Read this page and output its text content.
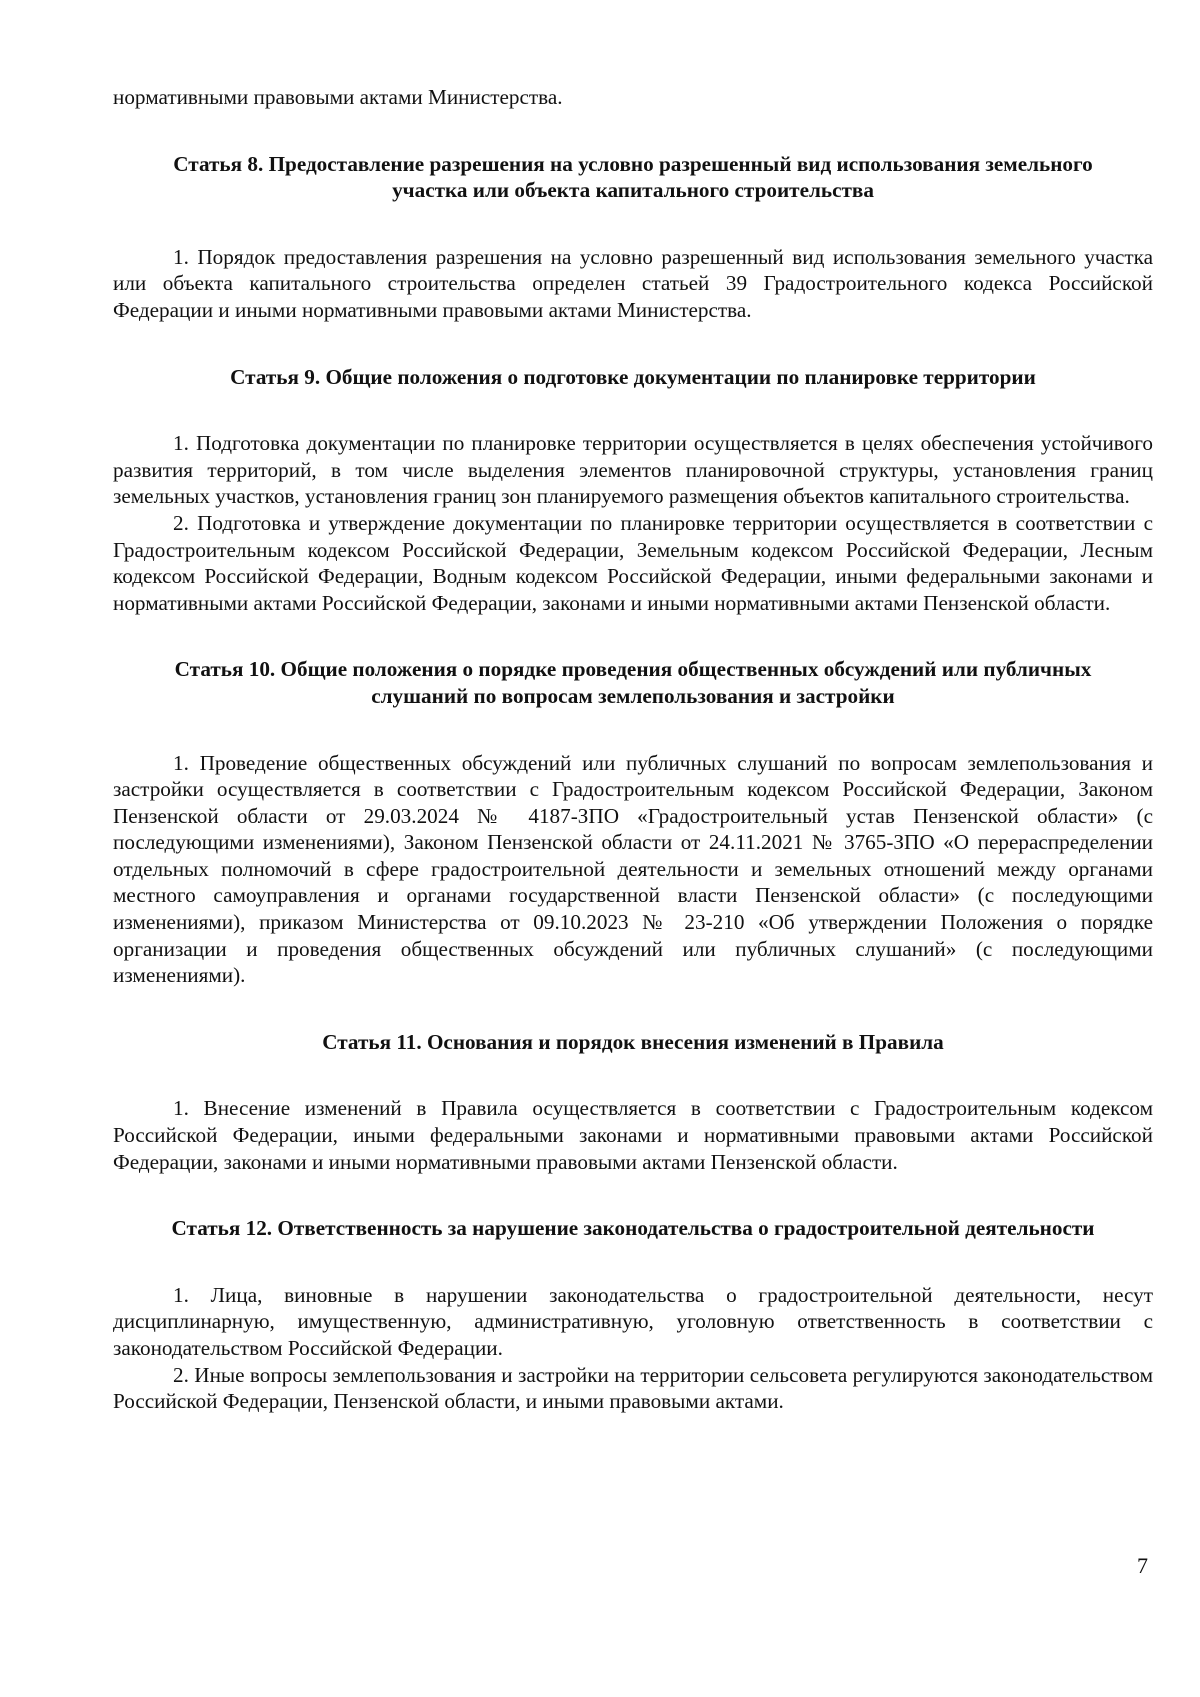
нормативными правовыми актами Министерства.

Статья 8. Предоставление разрешения на условно разрешенный вид использования земельного участка или объекта капитального строительства

1. Порядок предоставления разрешения на условно разрешенный вид использования земельного участка или объекта капитального строительства определен статьей 39 Градостроительного кодекса Российской Федерации и иными нормативными правовыми актами Министерства.

Статья 9. Общие положения о подготовке документации по планировке территории

1. Подготовка документации по планировке территории осуществляется в целях обеспечения устойчивого развития территорий, в том числе выделения элементов планировочной структуры, установления границ земельных участков, установления границ зон планируемого размещения объектов капитального строительства.

2. Подготовка и утверждение документации по планировке территории осуществляется в соответствии с Градостроительным кодексом Российской Федерации, Земельным кодексом Российской Федерации, Лесным кодексом Российской Федерации, Водным кодексом Российской Федерации, иными федеральными законами и нормативными актами Российской Федерации, законами и иными нормативными актами Пензенской области.

Статья 10. Общие положения о порядке проведения общественных обсуждений или публичных слушаний по вопросам землепользования и застройки

1. Проведение общественных обсуждений или публичных слушаний по вопросам землепользования и застройки осуществляется в соответствии с Градостроительным кодексом Российской Федерации, Законом Пензенской области от 29.03.2024 № 4187-ЗПО «Градостроительный устав Пензенской области» (с последующими изменениями), Законом Пензенской области от 24.11.2021 № 3765-ЗПО «О перераспределении отдельных полномочий в сфере градостроительной деятельности и земельных отношений между органами местного самоуправления и органами государственной власти Пензенской области» (с последующими изменениями), приказом Министерства от 09.10.2023 № 23-210 «Об утверждении Положения о порядке организации и проведения общественных обсуждений или публичных слушаний» (с последующими изменениями).

Статья 11. Основания и порядок внесения изменений в Правила

1. Внесение изменений в Правила осуществляется в соответствии с Градостроительным кодексом Российской Федерации, иными федеральными законами и нормативными правовыми актами Российской Федерации, законами и иными нормативными правовыми актами Пензенской области.

Статья 12. Ответственность за нарушение законодательства о градостроительной деятельности

1. Лица, виновные в нарушении законодательства о градостроительной деятельности, несут дисциплинарную, имущественную, административную, уголовную ответственность в соответствии с законодательством Российской Федерации.

2. Иные вопросы землепользования и застройки на территории сельсовета регулируются законодательством Российской Федерации, Пензенской области, и иными правовыми актами.

7
